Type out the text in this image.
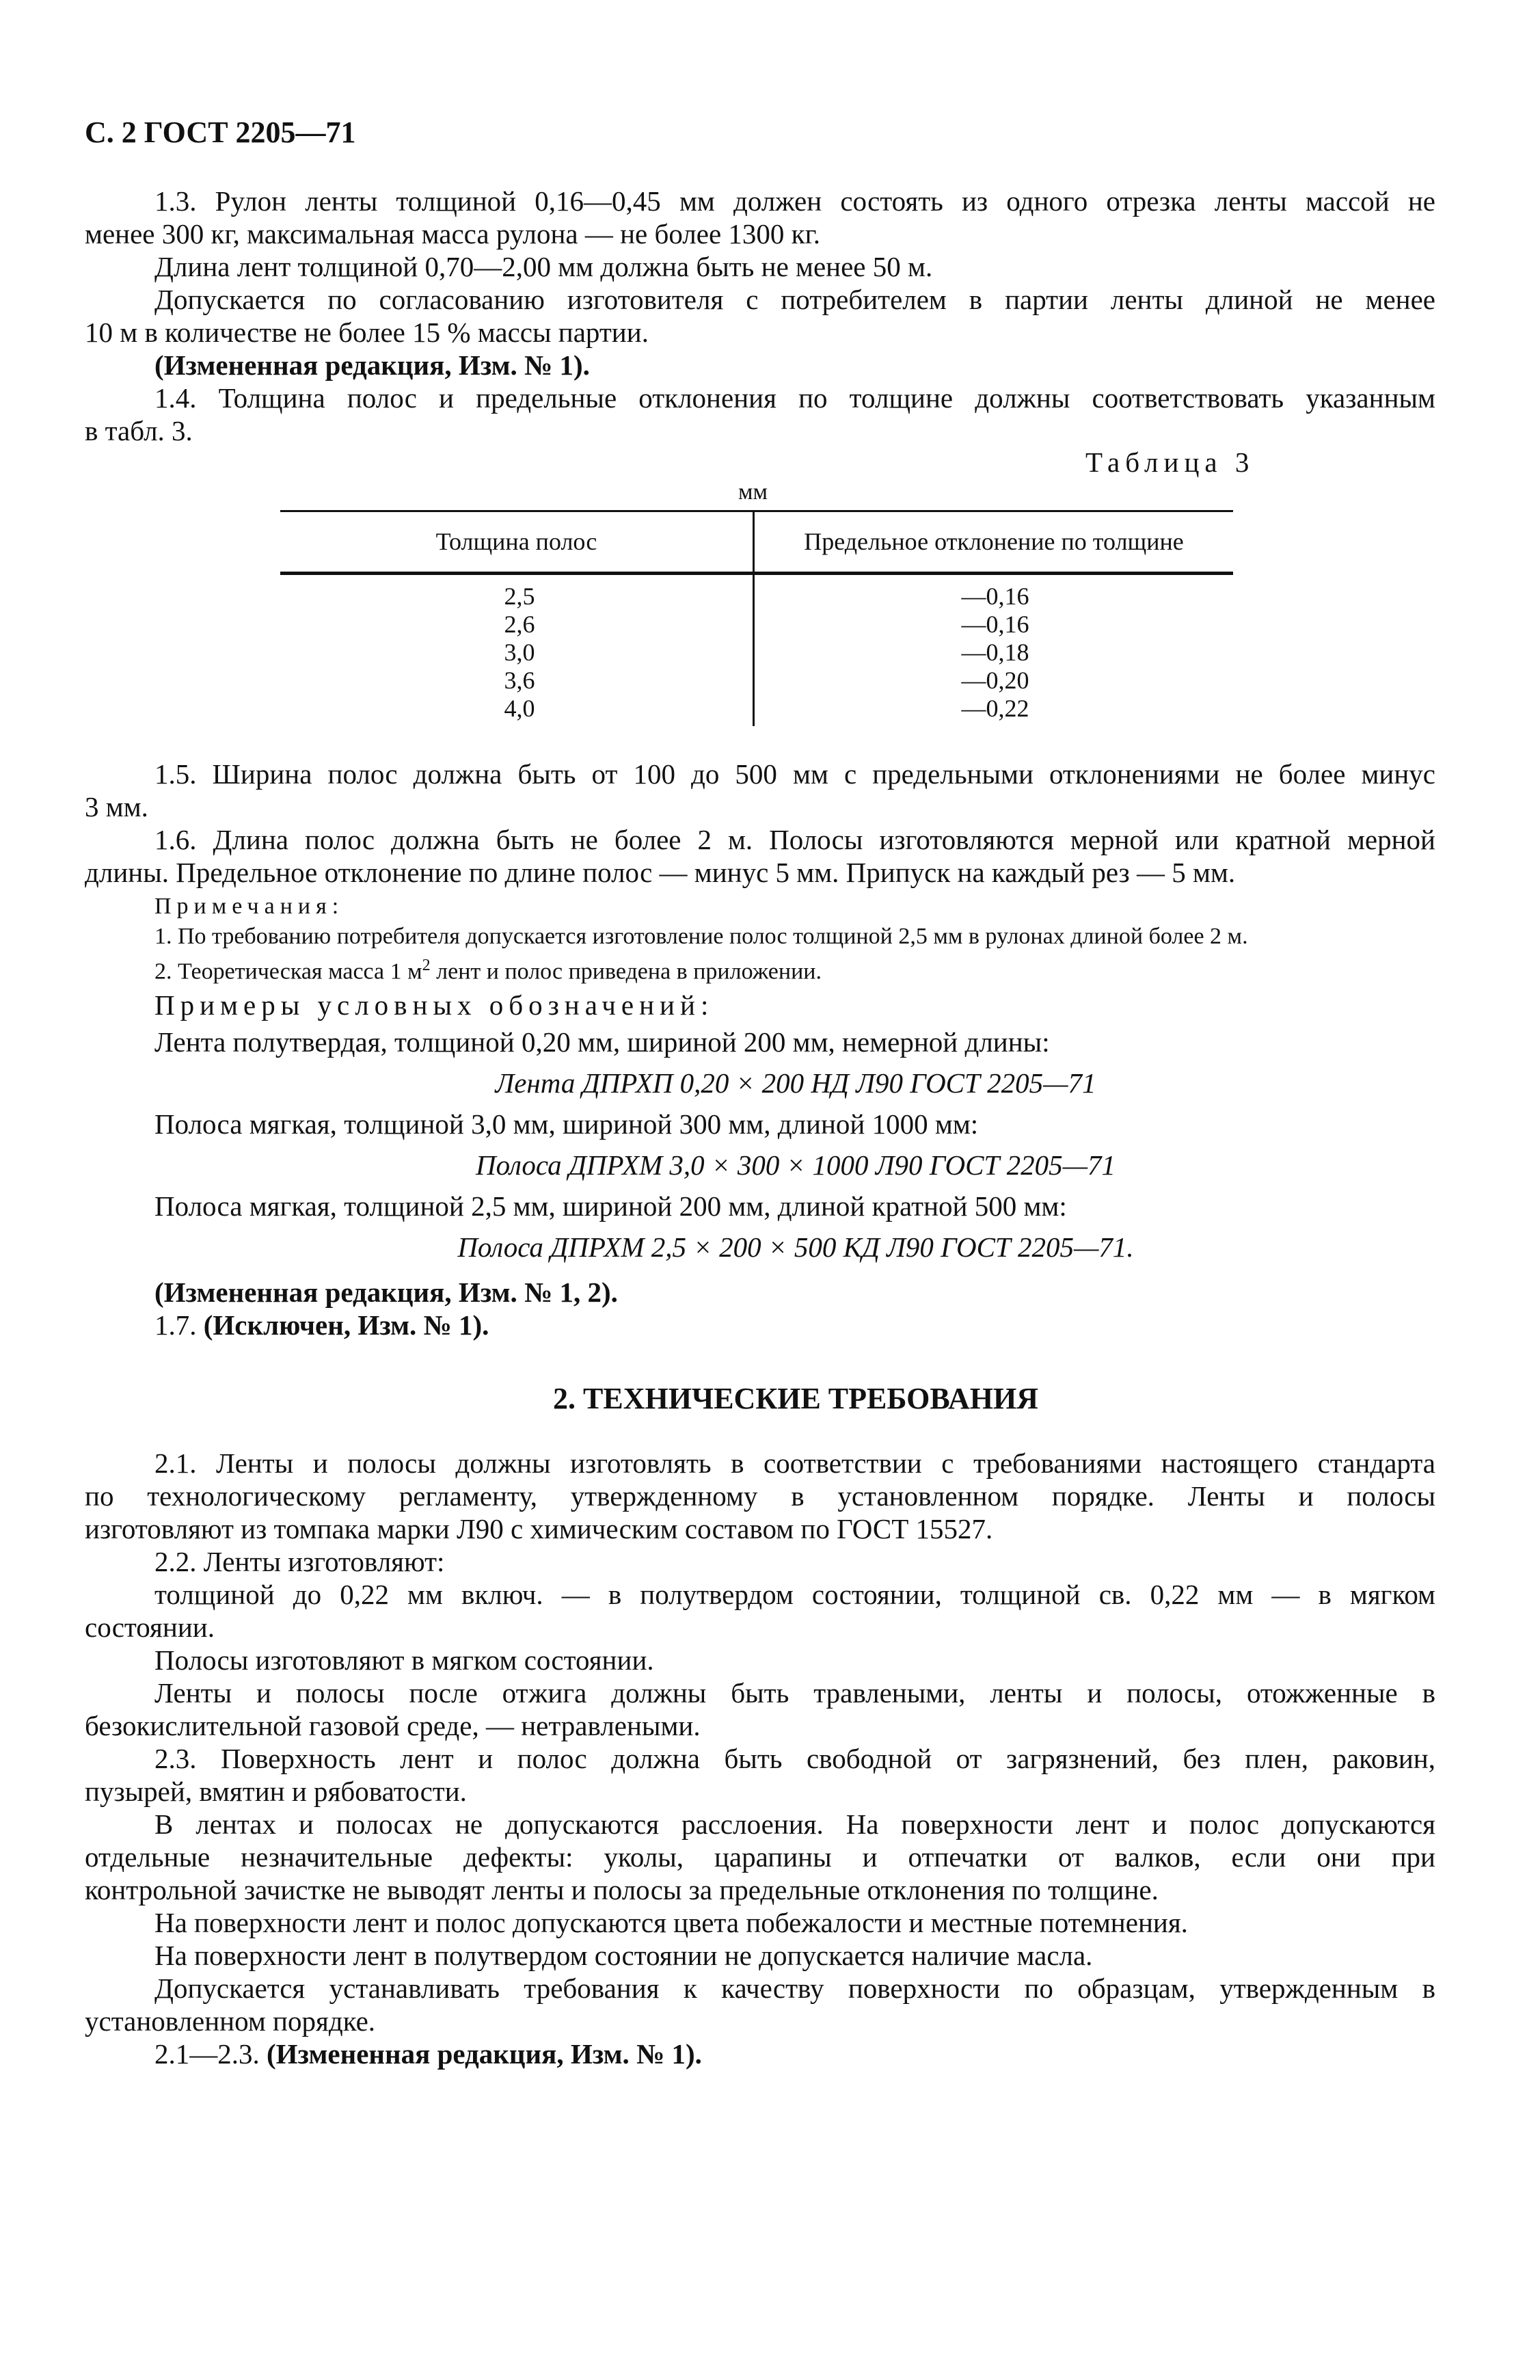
С. 2 ГОСТ 2205—71
1.3. Рулон ленты толщиной 0,16—0,45 мм должен состоять из одного отрезка ленты массой не
менее 300 кг, максимальная масса рулона — не более 1300 кг.
Длина лент толщиной 0,70—2,00 мм должна быть не менее 50 м.
Допускается по согласованию изготовителя с потребителем в партии ленты длиной не менее
10 м в количестве не более 15 % массы партии.
(Измененная редакция, Изм. № 1).
1.4. Толщина полос и предельные отклонения по толщине должны соответствовать указанным
в табл. 3.
Таблица 3
мм
Толщина полос	Предельное отклонение по толщине
2,5	—0,16
2,6	—0,16
3,0	—0,18
3,6	—0,20
4,0	—0,22
1.5. Ширина полос должна быть от 100 до 500 мм с предельными отклонениями не более минус
3 мм.
1.6. Длина полос должна быть не более 2 м. Полосы изготовляются мерной или кратной мерной
длины. Предельное отклонение по длине полос — минус 5 мм. Припуск на каждый рез — 5 мм.
Примечания:
1. По требованию потребителя допускается изготовление полос толщиной 2,5 мм в рулонах длиной более 2 м.
2. Теоретическая масса 1 $м^2$ лент и полос приведена в приложении.
Примеры условных обозначений:
Лента полутвердая, толщиной 0,20 мм, шириной 200 мм, немерной длины:
Лента ДПРХП 0,20 × 200 НД Л90 ГОСТ 2205—71
Полоса мягкая, толщиной 3,0 мм, шириной 300 мм, длиной 1000 мм:
Полоса ДПРХМ 3,0 × 300 × 1000 Л90 ГОСТ 2205—71
Полоса мягкая, толщиной 2,5 мм, шириной 200 мм, длиной кратной 500 мм:
Полоса ДПРХМ 2,5 × 200 × 500 КД Л90 ГОСТ 2205—71.
(Измененная редакция, Изм. № 1, 2).
1.7. (Исключен, Изм. № 1).
2. ТЕХНИЧЕСКИЕ ТРЕБОВАНИЯ
2.1. Ленты и полосы должны изготовлять в соответствии с требованиями настоящего стандарта
по технологическому регламенту, утвержденному в установленном порядке. Ленты и полосы
изготовляют из томпака марки Л90 с химическим составом по ГОСТ 15527.
2.2. Ленты изготовляют:
толщиной до 0,22 мм включ. — в полутвердом состоянии, толщиной св. 0,22 мм — в мягком
состоянии.
Полосы изготовляют в мягком состоянии.
Ленты и полосы после отжига должны быть травлеными, ленты и полосы, отожженные в
безокислительной газовой среде, — нетравлеными.
2.3. Поверхность лент и полос должна быть свободной от загрязнений, без плен, раковин,
пузырей, вмятин и рябоватости.
В лентах и полосах не допускаются расслоения. На поверхности лент и полос допускаются
отдельные незначительные дефекты: уколы, царапины и отпечатки от валков, если они при
контрольной зачистке не выводят ленты и полосы за предельные отклонения по толщине.
На поверхности лент и полос допускаются цвета побежалости и местные потемнения.
На поверхности лент в полутвердом состоянии не допускается наличие масла.
Допускается устанавливать требования к качеству поверхности по образцам, утвержденным в
установленном порядке.
2.1—2.3. (Измененная редакция, Изм. № 1).
